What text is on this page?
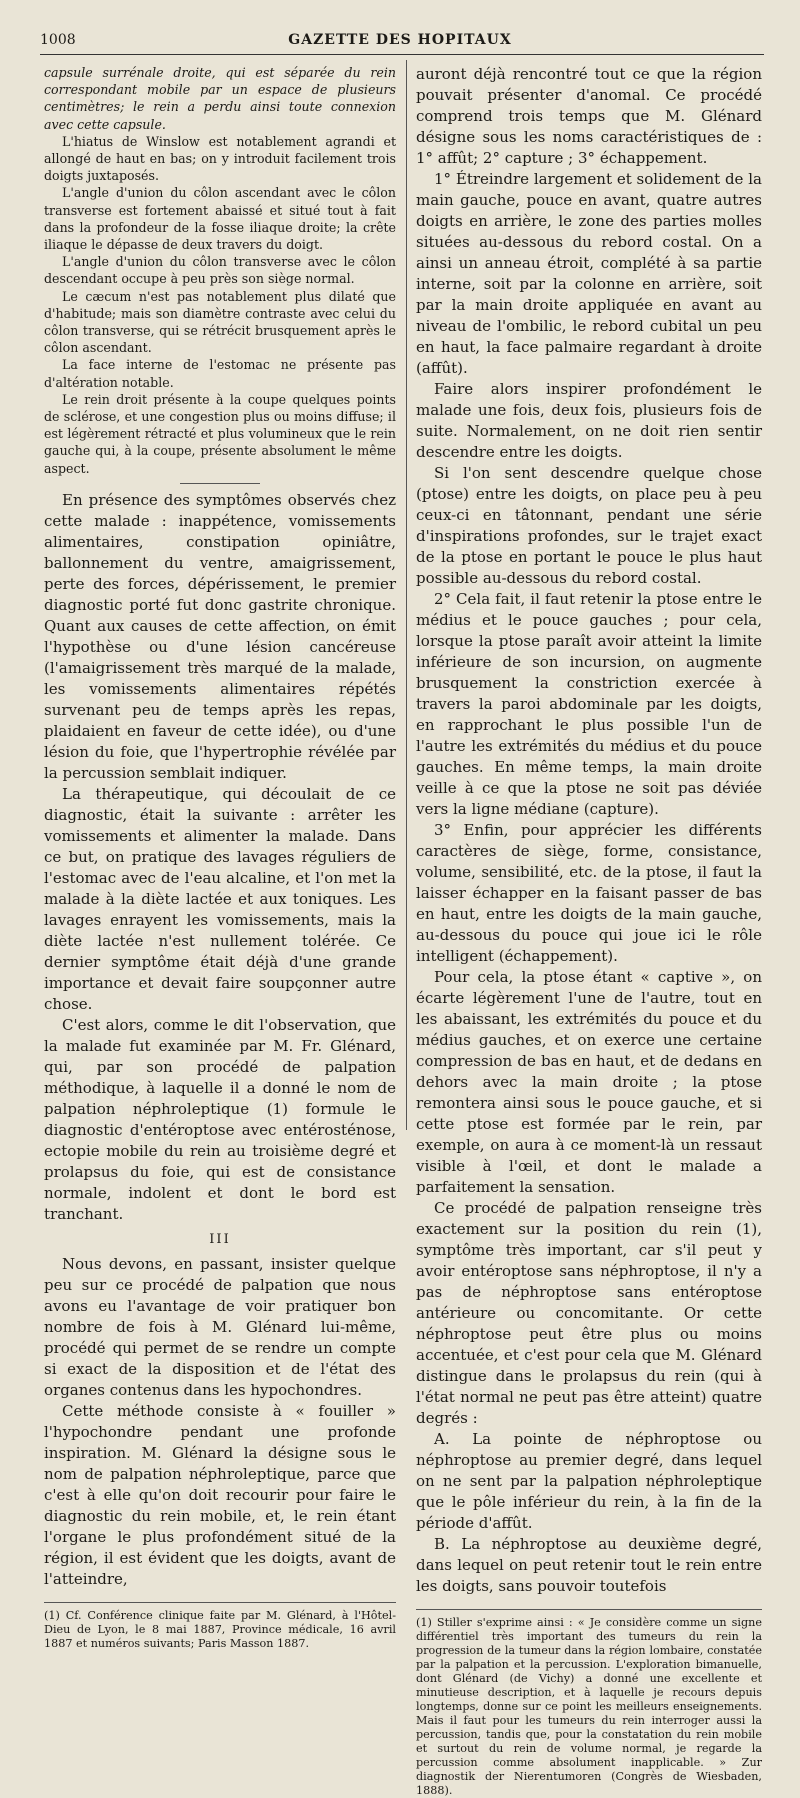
1008	GAZETTE DES HOPITAUX

capsule surrénale droite, qui est séparée du rein correspondant mobile par un espace de plusieurs centimètres; le rein a perdu ainsi toute connexion avec cette capsule.

L'hiatus de Winslow est notablement agrandi et allongé de haut en bas; on y introduit facilement trois doigts juxtaposés.

L'angle d'union du côlon ascendant avec le côlon transverse est fortement abaissé et situé tout à fait dans la profondeur de la fosse iliaque droite; la crête iliaque le dépasse de deux travers du doigt.

L'angle d'union du côlon transverse avec le côlon descendant occupe à peu près son siège normal.

Le cæcum n'est pas notablement plus dilaté que d'habitude; mais son diamètre contraste avec celui du côlon transverse, qui se rétrécit brusquement après le côlon ascendant.

La face interne de l'estomac ne présente pas d'altération notable.

Le rein droit présente à la coupe quelques points de sclérose, et une congestion plus ou moins diffuse; il est légèrement rétracté et plus volumineux que le rein gauche qui, à la coupe, présente absolument le même aspect.

En présence des symptômes observés chez cette malade : inappétence, vomissements alimentaires, constipation opiniâtre, ballonnement du ventre, amaigrissement, perte des forces, dépérissement, le premier diagnostic porté fut donc gastrite chronique. Quant aux causes de cette affection, on émit l'hypothèse ou d'une lésion cancéreuse (l'amaigrissement très marqué de la malade, les vomissements alimentaires répétés survenant peu de temps après les repas, plaidaient en faveur de cette idée), ou d'une lésion du foie, que l'hypertrophie révélée par la percussion semblait indiquer.

La thérapeutique, qui découlait de ce diagnostic, était la suivante : arrêter les vomissements et alimenter la malade. Dans ce but, on pratique des lavages réguliers de l'estomac avec de l'eau alcaline, et l'on met la malade à la diète lactée et aux toniques. Les lavages enrayent les vomissements, mais la diète lactée n'est nullement tolérée. Ce dernier symptôme était déjà d'une grande importance et devait faire soupçonner autre chose.

C'est alors, comme le dit l'observation, que la malade fut examinée par M. Fr. Glénard, qui, par son procédé de palpation méthodique, à laquelle il a donné le nom de palpation néphroleptique (1) formule le diagnostic d'entéroptose avec entérosténose, ectopie mobile du rein au troisième degré et prolapsus du foie, qui est de consistance normale, indolent et dont le bord est tranchant.

III

Nous devons, en passant, insister quelque peu sur ce procédé de palpation que nous avons eu l'avantage de voir pratiquer bon nombre de fois à M. Glénard lui-même, procédé qui permet de se rendre un compte si exact de la disposition et de l'état des organes contenus dans les hypochondres.

Cette méthode consiste à « fouiller » l'hypochondre pendant une profonde inspiration. M. Glénard la désigne sous le nom de palpation néphroleptique, parce que c'est à elle qu'on doit recourir pour faire le diagnostic du rein mobile, et, le rein étant l'organe le plus profondément situé de la région, il est évident que les doigts, avant de l'atteindre,

(1) Cf. Conférence clinique faite par M. Glénard, à l'Hôtel-Dieu de Lyon, le 8 mai 1887, Province médicale, 16 avril 1887 et numéros suivants; Paris Masson 1887.

auront déjà rencontré tout ce que la région pouvait présenter d'anomal. Ce procédé comprend trois temps que M. Glénard désigne sous les noms caractéristiques de : 1° affût; 2° capture ; 3° échappement.

1° Étreindre largement et solidement de la main gauche, pouce en avant, quatre autres doigts en arrière, le zone des parties molles situées au-dessous du rebord costal. On a ainsi un anneau étroit, complété à sa partie interne, soit par la colonne en arrière, soit par la main droite appliquée en avant au niveau de l'ombilic, le rebord cubital un peu en haut, la face palmaire regardant à droite (affût).

Faire alors inspirer profondément le malade une fois, deux fois, plusieurs fois de suite. Normalement, on ne doit rien sentir descendre entre les doigts.

Si l'on sent descendre quelque chose (ptose) entre les doigts, on place peu à peu ceux-ci en tâtonnant, pendant une série d'inspirations profondes, sur le trajet exact de la ptose en portant le pouce le plus haut possible au-dessous du rebord costal.

2° Cela fait, il faut retenir la ptose entre le médius et le pouce gauches ; pour cela, lorsque la ptose paraît avoir atteint la limite inférieure de son incursion, on augmente brusquement la constriction exercée à travers la paroi abdominale par les doigts, en rapprochant le plus possible l'un de l'autre les extrémités du médius et du pouce gauches. En même temps, la main droite veille à ce que la ptose ne soit pas déviée vers la ligne médiane (capture).

3° Enfin, pour apprécier les différents caractères de siège, forme, consistance, volume, sensibilité, etc. de la ptose, il faut la laisser échapper en la faisant passer de bas en haut, entre les doigts de la main gauche, au-dessous du pouce qui joue ici le rôle intelligent (échappement).

Pour cela, la ptose étant « captive », on écarte légèrement l'une de l'autre, tout en les abaissant, les extrémités du pouce et du médius gauches, et on exerce une certaine compression de bas en haut, et de dedans en dehors avec la main droite ; la ptose remontera ainsi sous le pouce gauche, et si cette ptose est formée par le rein, par exemple, on aura à ce moment-là un ressaut visible à l'œil, et dont le malade a parfaitement la sensation.

Ce procédé de palpation renseigne très exactement sur la position du rein (1), symptôme très important, car s'il peut y avoir entéroptose sans néphroptose, il n'y a pas de néphroptose sans entéroptose antérieure ou concomitante. Or cette néphroptose peut être plus ou moins accentuée, et c'est pour cela que M. Glénard distingue dans le prolapsus du rein (qui à l'état normal ne peut pas être atteint) quatre degrés :

A. La pointe de néphroptose ou néphroptose au premier degré, dans lequel on ne sent par la palpation néphroleptique que le pôle inférieur du rein, à la fin de la période d'affût.

B. La néphroptose au deuxième degré, dans lequel on peut retenir tout le rein entre les doigts, sans pouvoir toutefois

(1) Stiller s'exprime ainsi : « Je considère comme un signe différentiel très important des tumeurs du rein la progression de la tumeur dans la région lombaire, constatée par la palpation et la percussion. L'exploration bimanuelle, dont Glénard (de Vichy) a donné une excellente et minutieuse description, et à laquelle je recours depuis longtemps, donne sur ce point les meilleurs enseignements. Mais il faut pour les tumeurs du rein interroger aussi la percussion, tandis que, pour la constatation du rein mobile et surtout du rein de volume normal, je regarde la percussion comme absolument inapplicable. » Zur diagnostik der Nierentumoren (Congrès de Wiesbaden, 1888).
